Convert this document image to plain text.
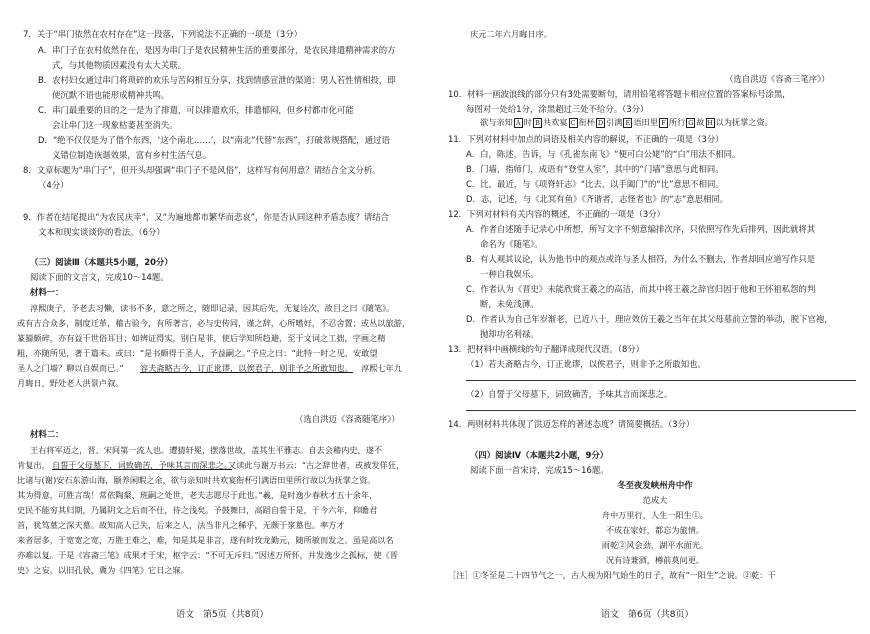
7．关于“串门依然在农村存在”这一段落，下列说法不正确的一项是（3分）
A．串门子在农村依然存在，是因为串门子是农民精神生活的重要部分，是农民排遣精神需求的方
式，与其他物质因素没有太大关联。
B．农村妇女通过串门将琐碎的欢乐与苦闷相互分享，找到情感宣泄的渠道：男人若性情相投，即
使沉默不语也能形成精神共鸣。
C．串门最重要的目的之一是为了排遣，可以排遣欢乐，排遣郁闷，但乡村都市化可能
会让串门这一现象枯萎甚至消失。
D．“绝不仅仅是为了借个东西，‘这个南北……’，以“南北”代替“东西”，打破常规搭配，通过语
义错位制造诙谐效果，富有乡村生活气息。
8．文章标题为“串门子”，但开头却强调“串门子不是风俗”，这样写有何用意？请结合全文分析。
（4分）
9．作者在结尾提出“为农民庆幸”，又“为遍地都市繁华而悲哀”，你是否认同这种矛盾态度？请结合
文本和现实谈谈你的看法。（6分）
（三）阅读Ⅲ（本题共5小题，20分）
阅读下面的文言文，完成10～14题。
材料一：
淳熙庚子，予老去习懒，读书不多，意之所之，随即记录，因其后先，无复诠次，故目之曰《随笔》。
或有吉合众多，制度迁革，稽古验今，有所著言，必与史传同，谨之辞，心所嗜好，不忍舍置；或丛以旅游，
篆籀颇碎，亦有益于世俗耳目；如辨证得实，别白是非，使后学知所趋避，至于文词之工拙，字画之精
粗，亦随所见，著于篇末。或曰：“是书颇得于圣人，予益嗣之。”予应之曰：“此特一时之见，安敢望
圣人之门墙？聊以自娱而已。” 容夫斋略古今，订正讹谬，以俟君子，则非予之所敢知也。 淳熙七年九
月晦日，野处老人洪景卢叙。
（选自洪迈《容斋随笔序》）
材料二：
王右将军迈之，晋、宋间第一流人也。遭猜轩冕，摆落世故，盖其生平雅志。自去会稽内史，遂不
肯复出， 自誓于父母墓下，词致确苦，予味其言而深悲之。
又读此与谢万书云：“古之辞世者，或被发佯狂，
比诸与(谢)安石东游山海，颐养闲暇之余，欲与亲知时共欢宴衔杯引满语田里所行故以为抚掌之资。
其为得意，可胜言哉！常依陶粲、班嗣之处世，老夫志愿尽于此也。”羲，是时逸少春秋才五十余年，
史民不能穷其归期，乃属阴文之后而不仕，待之浅矣。予鼓舞曰，高蹈自誓于是，于今六年，仰瞻君
首，犹笃墓之深天墓。故知高人已失，后来之人，法当非凡之稀乎，无颇于浆墓也。率方才
来者居多，于宽宽之宽，万胜王难之，难，知是其是非言，遂有时玫龙勤元，随所敏而发之。虽是高以名
亦难以复。于是《容斋三笔》成果才于宋，枢字云：“不可无斥归。”因述万所怀，并发逸少之孤标，使《晋
史》之妄，以旧孔侯，冀为《四笔》它日之寐。
欲与亲知 A 时 B 共欢宴 C 衔杯 D 引满 E 语田里 F 所行 G 故 H 以为抚掌之资。
庆元二年六月晦日序。
（选自洪迈《容斋三笔序》）
10．材料一画波浪线的部分只有3处需要断句，请用铅笔将答题卡相应位置的答案标号涂黑，
每图对一处给1分，涂黑超过三处不给分。（3分）
11．下列对材料中加点的词语及相关内容的解说，不正确的一项是（3分）
A．白，陈述，告诉，与《孔雀东南飞》“便可白公姥”的“白”用法不相同。
B．门墙，指师门，成语有“登堂入室”，其中的“门墙”意思与此相同。
C．比，最近，与《项脊轩志》“比去，以手阖门”的“比”意思不相同。
D．志，记述，与《北冥有鱼》《齐谐者，志怪者也》的“志”意思相同。
12．下列对材料有关内容的概述，不正确的一项是（3分）
A．作者自述随手记录心中所想，所写文字不刻意编排次序，只依照写作先后排列，因此就将其
命名为《随笔》。
B．有人观其议论，认为他书中的观点或许与圣人相符，为什么不删去，作者却回应道写作只是
一种自我娱乐。
C．作者认为《晋史》未能欣赏王羲之的高洁，而其中将王羲之辞官归因于他和王怀祖私怨的判
断，未免浅薄。
D．作者认为自己年岁渐老，已近八十，理应效仿王羲之当年在其父母墓前立誓的举动，脱下官袍，
抛却功名利禄。
13．把材料中画横线的句子翻译成现代汉语。（8分）
（1）若夫斋略古今，订正讹谬，以俟君子，则非予之所敢知也。
（2）自誓于父母墓下，词致确苦，予味其言而深悲之。
14．两则材料共体现了洪迈怎样的著述态度？请简要概括。（3分）
（四）阅读Ⅳ（本题共2小题，9分）
阅读下面一首宋诗，完成15～16题。
冬至夜发峡州舟中作
范成大
舟中万里行，人生一阳生①。
不成在家好，都忘为旅情。
雨乾②风会劲，湖平水面光。
况有诗兼酒，樽前莫问更。
［注］①冬至是二十四节气之一，古人视为阳气始生的日子，故有“一阳生”之说。②乾：干
语文　第5页（共8页）	语文　第6页（共8页）
